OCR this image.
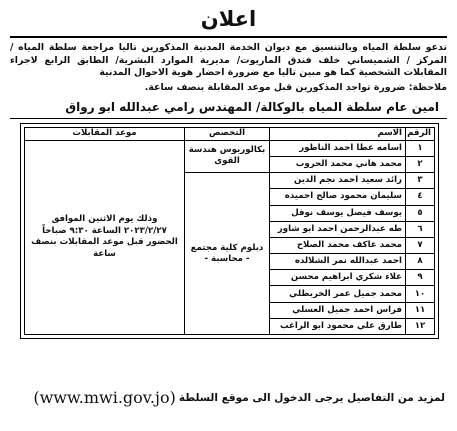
اعلان
تدعو سلطة المياه وبالتنسيق مع ديوان الخدمة المدنية المذكورين تاليا مراجعة سلطة المياه / المركز / الشميساني خلف فندق الماريوت/ مديرية الموارد البشرية/ الطابق الرابع لاجراء المقابلات الشخصية كما هو مبين تاليا مع ضرورة احضار هوية الاحوال المدنية
ملاحظة: ضرورة تواجد المذكورين قبل موعد المقابلة بنصف ساعة.
امين عام سلطة المياه بالوكالة/ المهندس رامي عبدالله ابو رواق
الرقم	الاسم	التخصص	موعد المقابلات
١	اسامه عطا احمد الناطور	بكالوريوس هندسة القوى	وذلك يوم الاثنين الموافق ٢٠٢٣/٢/٢٧ الساعة ٩:٣٠ صباحاً الحضور قبل موعد المقابلات بنصف ساعة
٢	محمد هاني محمد الحروب		
٣	رائد سعيد احمد نجم الدين	دبلوم كلية مجتمع - محاسبة -	
٤	سليمان محمود صالح احميده		
٥	يوسف فيصل يوسف نوفل		
٦	طه عبدالرحمن احمد ابو شاور		
٧	محمد عاكف محمد الصلاح		
٨	احمد عبدالله نمر الشلالده		
٩	علاء شكري ابراهيم محسن		
١٠	محمد جميل عمر الخربطلي		
١١	فراس احمد جميل العسلي		
١٢	طارق علي محمود ابو الراغب		
لمزيد من التفاصيل يرجى الدخول الى موقع السلطة
(www.mwi.gov.jo)
